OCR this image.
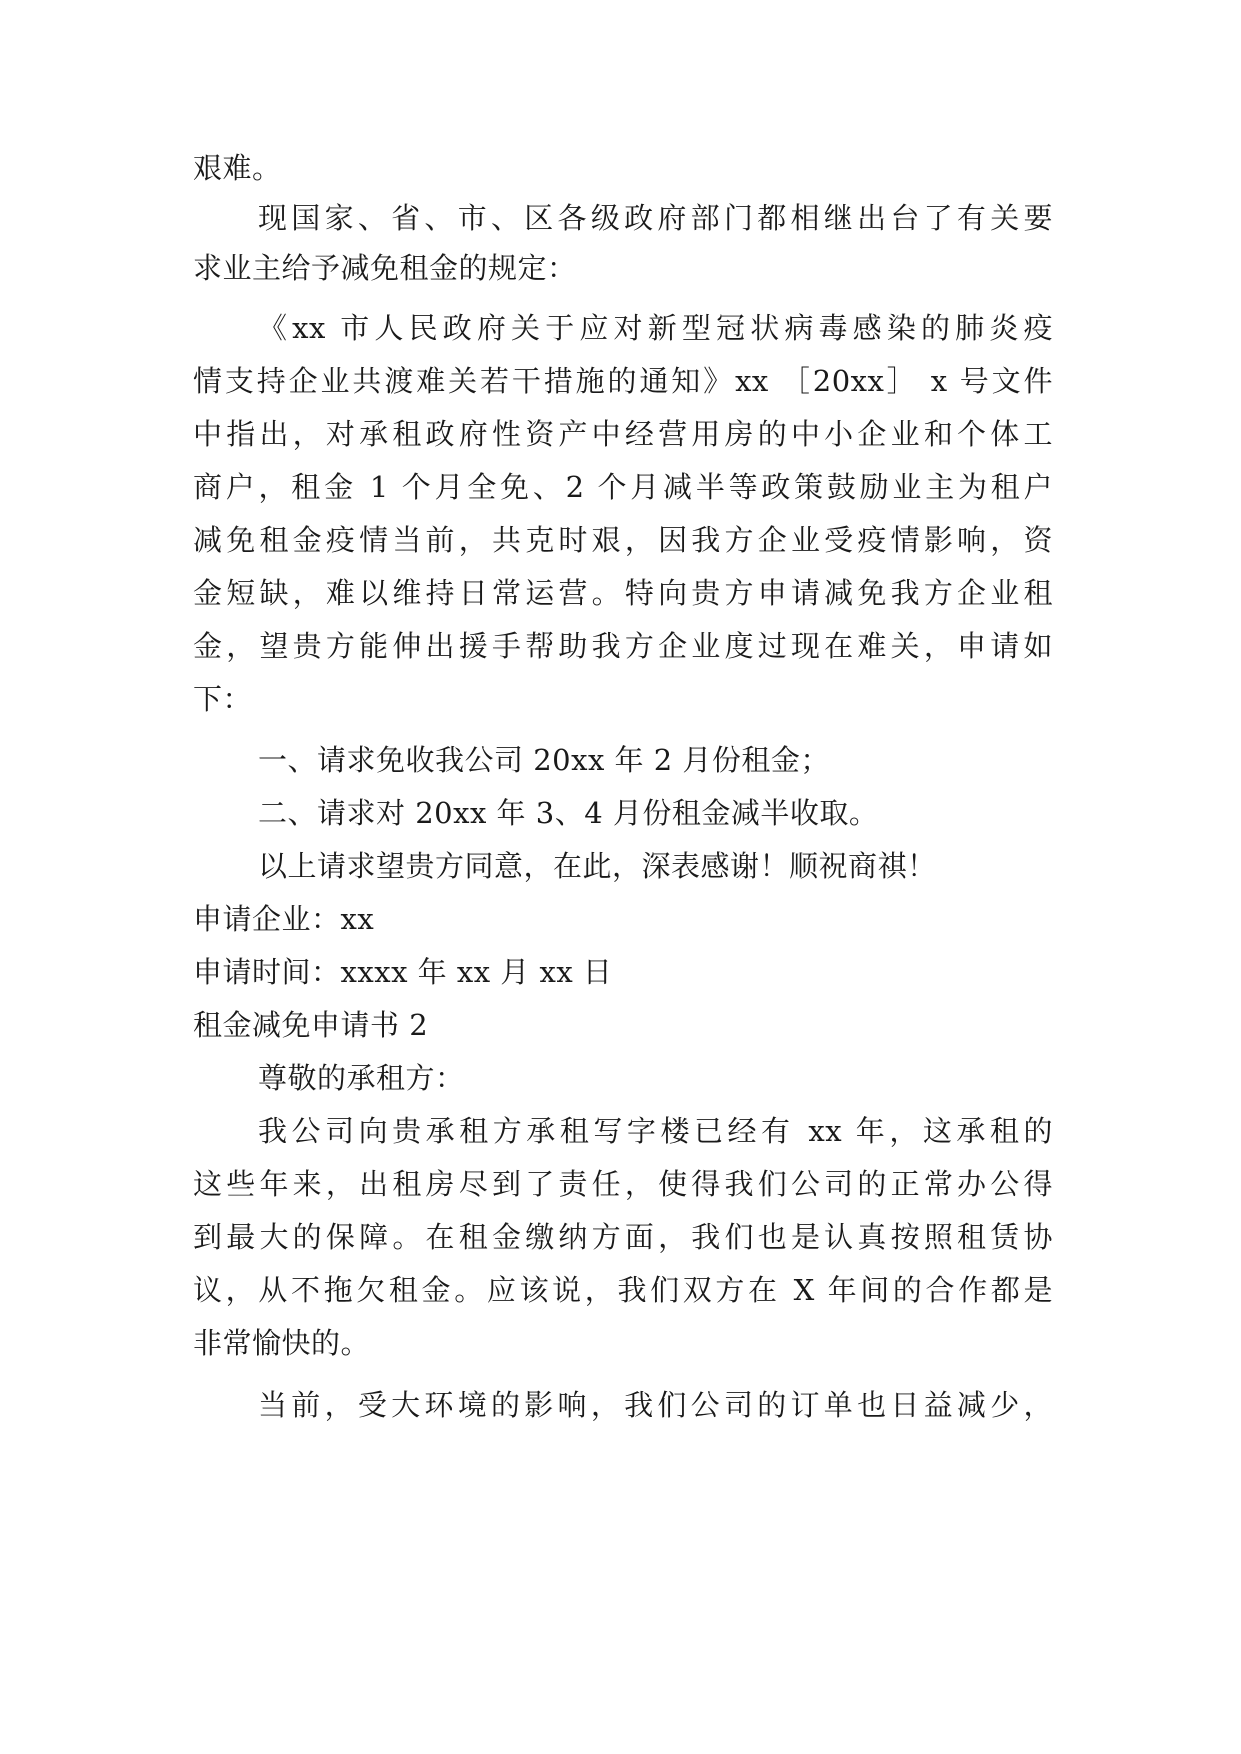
艰难。
现国家、省、市、区各级政府部门都相继出台了有关要
求业主给予减免租金的规定：
《xx 市人民政府关于应对新型冠状病毒感染的肺炎疫
情支持企业共渡难关若干措施的通知》xx ［20xx］ x 号文件
中指出，对承租政府性资产中经营用房的中小企业和个体工
商户，租金 1 个月全免、2 个月减半等政策鼓励业主为租户
减免租金疫情当前，共克时艰，因我方企业受疫情影响，资
金短缺，难以维持日常运营。特向贵方申请减免我方企业租
金，望贵方能伸出援手帮助我方企业度过现在难关，申请如
下：
一、请求免收我公司 20xx 年 2 月份租金；
二、请求对 20xx 年 3、4 月份租金减半收取。
以上请求望贵方同意，在此，深表感谢！顺祝商祺！
申请企业：xx
申请时间：xxxx 年 xx 月 xx 日
租金减免申请书 2
尊敬的承租方：
我公司向贵承租方承租写字楼已经有 xx 年，这承租的
这些年来，出租房尽到了责任，使得我们公司的正常办公得
到最大的保障。在租金缴纳方面，我们也是认真按照租赁协
议，从不拖欠租金。应该说，我们双方在 X 年间的合作都是
非常愉快的。
当前，受大环境的影响，我们公司的订单也日益减少，
